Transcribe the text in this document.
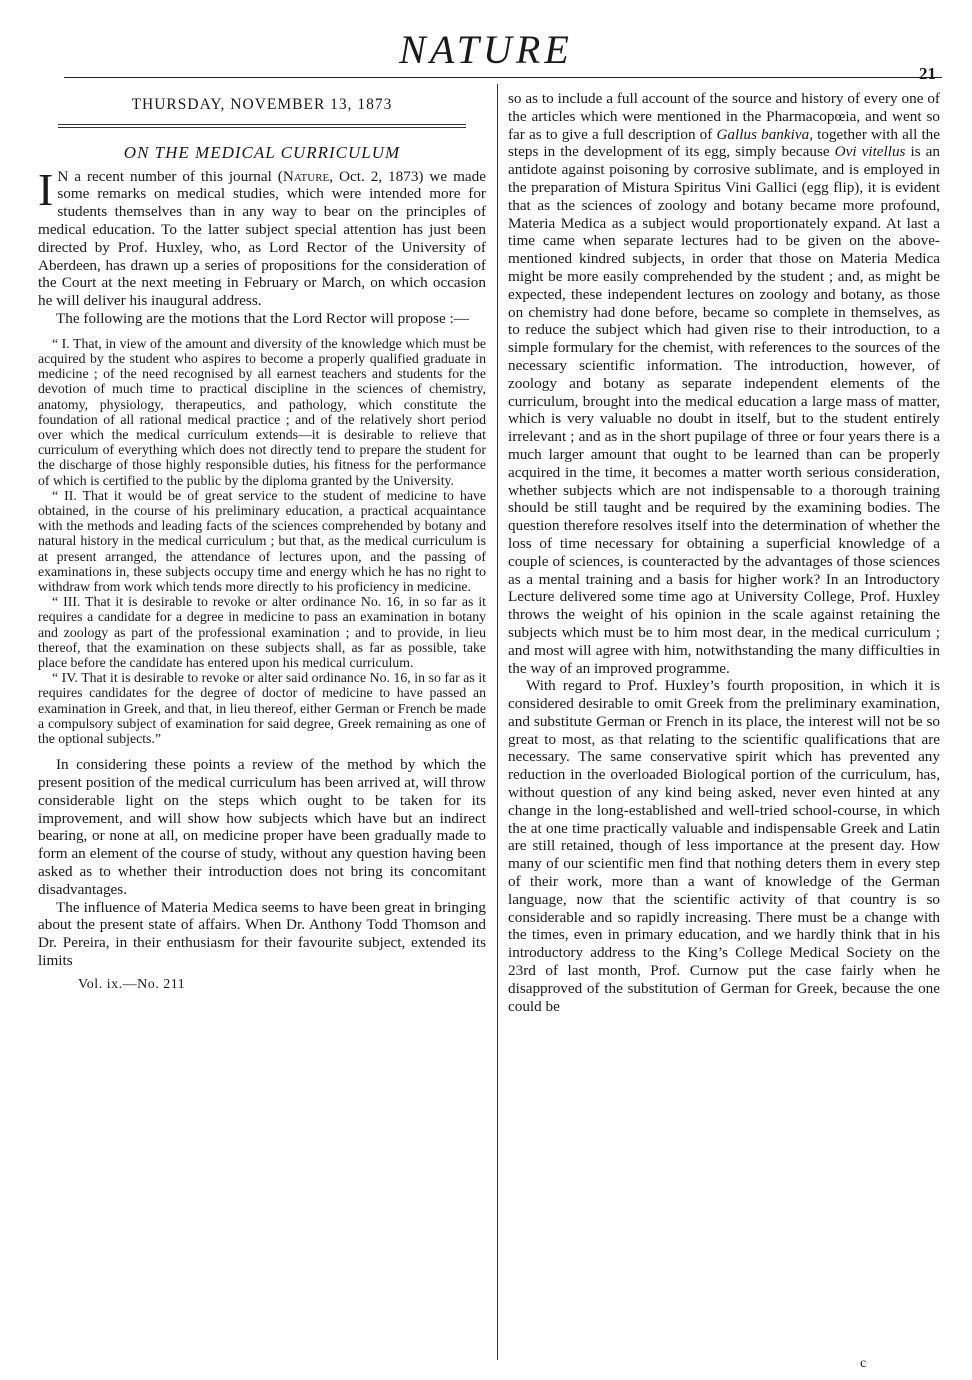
NATURE
21
THURSDAY, NOVEMBER 13, 1873
ON THE MEDICAL CURRICULUM

I N a recent number of this journal (Nature, Oct. 2, 1873) we made some remarks on medical studies, which were intended more for students themselves than in any way to bear on the principles of medical education. To the latter subject special attention has just been directed by Prof. Huxley, who, as Lord Rector of the University of Aberdeen, has drawn up a series of propositions for the consideration of the Court at the next meeting in February or March, on which occasion he will deliver his inaugural address.

The following are the motions that the Lord Rector will propose :—

“ I. That, in view of the amount and diversity of the knowledge which must be acquired by the student who aspires to become a properly qualified graduate in medicine ; of the need recognised by all earnest teachers and students for the devotion of much time to practical discipline in the sciences of chemistry, anatomy, physiology, therapeutics, and pathology, which constitute the foundation of all rational medical practice ; and of the relatively short period over which the medical curriculum extends—it is desirable to relieve that curriculum of everything which does not directly tend to prepare the student for the discharge of those highly responsible duties, his fitness for the performance of which is certified to the public by the diploma granted by the University.

“ II. That it would be of great service to the student of medicine to have obtained, in the course of his preliminary education, a practical acquaintance with the methods and leading facts of the sciences comprehended by botany and natural history in the medical curriculum ; but that, as the medical curriculum is at present arranged, the attendance of lectures upon, and the passing of examinations in, these subjects occupy time and energy which he has no right to withdraw from work which tends more directly to his proficiency in medicine.

“ III. That it is desirable to revoke or alter ordinance No. 16, in so far as it requires a candidate for a degree in medicine to pass an examination in botany and zoology as part of the professional examination ; and to provide, in lieu thereof, that the examination on these subjects shall, as far as possible, take place before the candidate has entered upon his medical curriculum.

“ IV. That it is desirable to revoke or alter said ordinance No. 16, in so far as it requires candidates for the degree of doctor of medicine to have passed an examination in Greek, and that, in lieu thereof, either German or French be made a compulsory subject of examination for said degree, Greek remaining as one of the optional subjects.”

In considering these points a review of the method by which the present position of the medical curriculum has been arrived at, will throw considerable light on the steps which ought to be taken for its improvement, and will show how subjects which have but an indirect bearing, or none at all, on medicine proper have been gradually made to form an element of the course of study, without any question having been asked as to whether their introduction does not bring its concomitant disadvantages.

The influence of Materia Medica seems to have been great in bringing about the present state of affairs. When Dr. Anthony Todd Thomson and Dr. Pereira, in their enthusiasm for their favourite subject, extended its limits

Vol. ix.—No. 211

so as to include a full account of the source and history of every one of the articles which were mentioned in the Pharmacopœia, and went so far as to give a full description of Gallus bankiva, together with all the steps in the development of its egg, simply because Ovi vitellus is an antidote against poisoning by corrosive sublimate, and is employed in the preparation of Mistura Spiritus Vini Gallici (egg flip), it is evident that as the sciences of zoology and botany became more profound, Materia Medica as a subject would proportionately expand. At last a time came when separate lectures had to be given on the above-mentioned kindred subjects, in order that those on Materia Medica might be more easily comprehended by the student ; and, as might be expected, these independent lectures on zoology and botany, as those on chemistry had done before, became so complete in themselves, as to reduce the subject which had given rise to their introduction, to a simple formulary for the chemist, with references to the sources of the necessary scientific information. The introduction, however, of zoology and botany as separate independent elements of the curriculum, brought into the medical education a large mass of matter, which is very valuable no doubt in itself, but to the student entirely irrelevant ; and as in the short pupilage of three or four years there is a much larger amount that ought to be learned than can be properly acquired in the time, it becomes a matter worth serious consideration, whether subjects which are not indispensable to a thorough training should be still taught and be required by the examining bodies. The question therefore resolves itself into the determination of whether the loss of time necessary for obtaining a superficial knowledge of a couple of sciences, is counteracted by the advantages of those sciences as a mental training and a basis for higher work? In an Introductory Lecture delivered some time ago at University College, Prof. Huxley throws the weight of his opinion in the scale against retaining the subjects which must be to him most dear, in the medical curriculum ; and most will agree with him, notwithstanding the many difficulties in the way of an improved programme.

With regard to Prof. Huxley’s fourth proposition, in which it is considered desirable to omit Greek from the preliminary examination, and substitute German or French in its place, the interest will not be so great to most, as that relating to the scientific qualifications that are necessary. The same conservative spirit which has prevented any reduction in the overloaded Biological portion of the curriculum, has, without question of any kind being asked, never even hinted at any change in the long-established and well-tried school-course, in which the at one time practically valuable and indispensable Greek and Latin are still retained, though of less importance at the present day. How many of our scientific men find that nothing deters them in every step of their work, more than a want of knowledge of the German language, now that the scientific activity of that country is so considerable and so rapidly increasing. There must be a change with the times, even in primary education, and we hardly think that in his introductory address to the King’s College Medical Society on the 23rd of last month, Prof. Curnow put the case fairly when he disapproved of the substitution of German for Greek, because the one could be

c
